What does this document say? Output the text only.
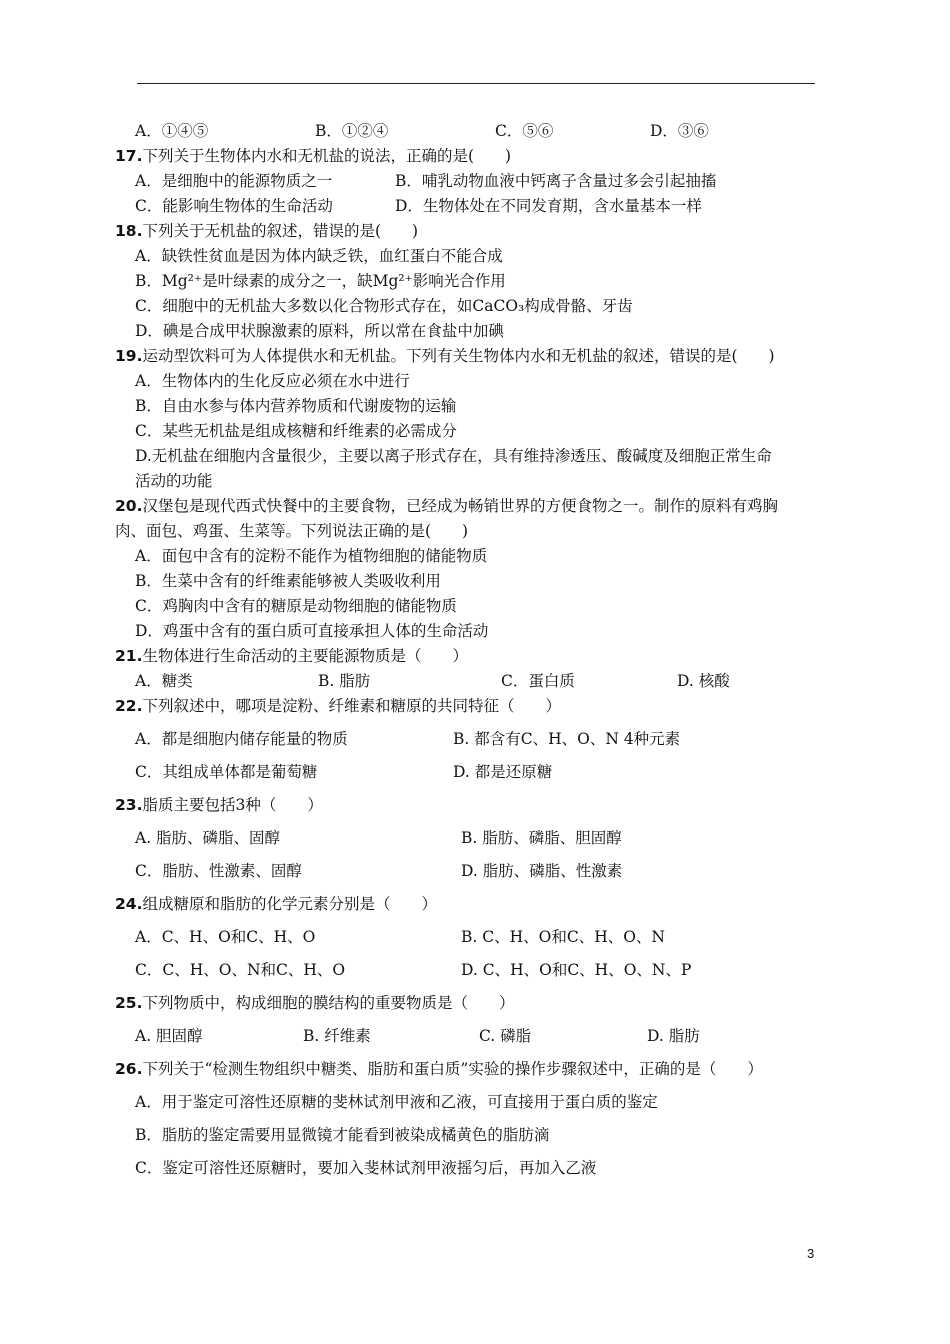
A．①④⑤	B．①②④	C．⑤⑥	D．③⑥
17.下列关于生物体内水和无机盐的说法，正确的是(　　)
A．是细胞中的能源物质之一	B．哺乳动物血液中钙离子含量过多会引起抽搐
C．能影响生物体的生命活动	D．生物体处在不同发育期，含水量基本一样
18.下列关于无机盐的叙述，错误的是(　　)
A．缺铁性贫血是因为体内缺乏铁，血红蛋白不能合成
B．Mg²⁺是叶绿素的成分之一，缺Mg²⁺影响光合作用
C．细胞中的无机盐大多数以化合物形式存在，如CaCO₃构成骨骼、牙齿
D．碘是合成甲状腺激素的原料，所以常在食盐中加碘
19.运动型饮料可为人体提供水和无机盐。下列有关生物体内水和无机盐的叙述，错误的是(　　)
A．生物体内的生化反应必须在水中进行
B．自由水参与体内营养物质和代谢废物的运输
C．某些无机盐是组成核糖和纤维素的必需成分
D.无机盐在细胞内含量很少，主要以离子形式存在，具有维持渗透压、酸碱度及细胞正常生命
活动的功能
20.汉堡包是现代西式快餐中的主要食物，已经成为畅销世界的方便食物之一。制作的原料有鸡胸
肉、面包、鸡蛋、生菜等。下列说法正确的是(　　)
A．面包中含有的淀粉不能作为植物细胞的储能物质
B．生菜中含有的纤维素能够被人类吸收利用
C．鸡胸肉中含有的糖原是动物细胞的储能物质
D．鸡蛋中含有的蛋白质可直接承担人体的生命活动
21.生物体进行生命活动的主要能源物质是（　　）
A．糖类	B. 脂肪	C．蛋白质	D. 核酸
22.下列叙述中，哪项是淀粉、纤维素和糖原的共同特征（　　）
A．都是细胞内储存能量的物质	B. 都含有C、H、O、N 4种元素
C．其组成单体都是葡萄糖	D. 都是还原糖
23.脂质主要包括3种（　　）
A. 脂肪、磷脂、固醇	B. 脂肪、磷脂、胆固醇
C．脂肪、性激素、固醇	D. 脂肪、磷脂、性激素
24.组成糖原和脂肪的化学元素分别是（　　）
A．C、H、O和C、H、O	B. C、H、O和C、H、O、N
C．C、H、O、N和C、H、O	D. C、H、O和C、H、O、N、P
25.下列物质中，构成细胞的膜结构的重要物质是（　　）
A. 胆固醇	B. 纤维素	C. 磷脂	D. 脂肪
26.下列关于“检测生物组织中糖类、脂肪和蛋白质”实验的操作步骤叙述中，正确的是（　　）
A．用于鉴定可溶性还原糖的斐林试剂甲液和乙液，可直接用于蛋白质的鉴定
B．脂肪的鉴定需要用显微镜才能看到被染成橘黄色的脂肪滴
C．鉴定可溶性还原糖时，要加入斐林试剂甲液摇匀后，再加入乙液
3
